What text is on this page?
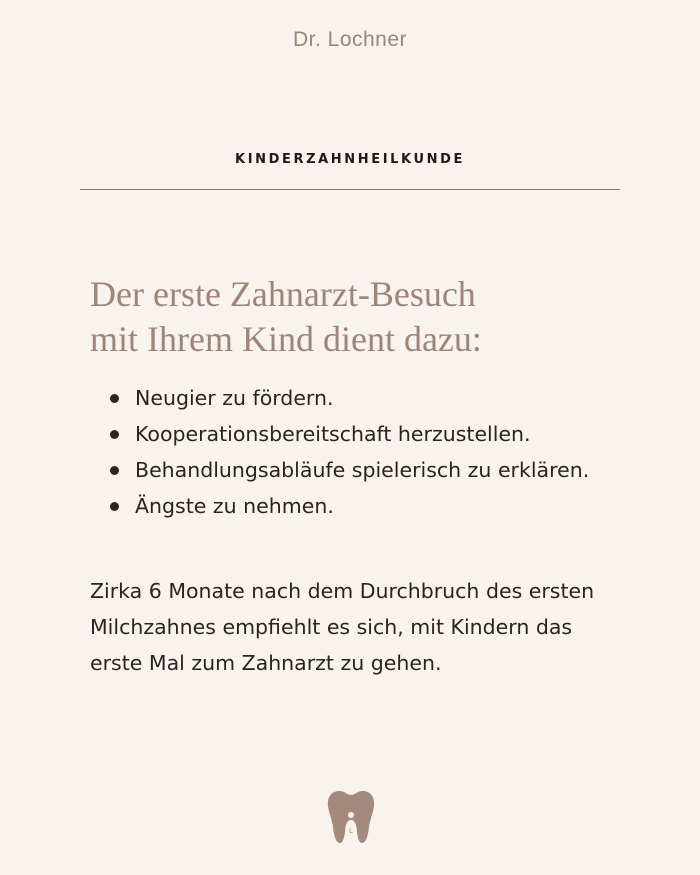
Dr. Lochner
KINDERZAHNHEILKUNDE
Der erste Zahnarzt-Besuch
mit Ihrem Kind dient dazu:
Neugier zu fördern.
Kooperationsbereitschaft herzustellen.
Behandlungsabläufe spielerisch zu erklären.
Ängste zu nehmen.

Zirka 6 Monate nach dem Durchbruch des ersten Milchzahnes empfiehlt es sich, mit Kindern das erste Mal zum Zahnarzt zu gehen.

L
